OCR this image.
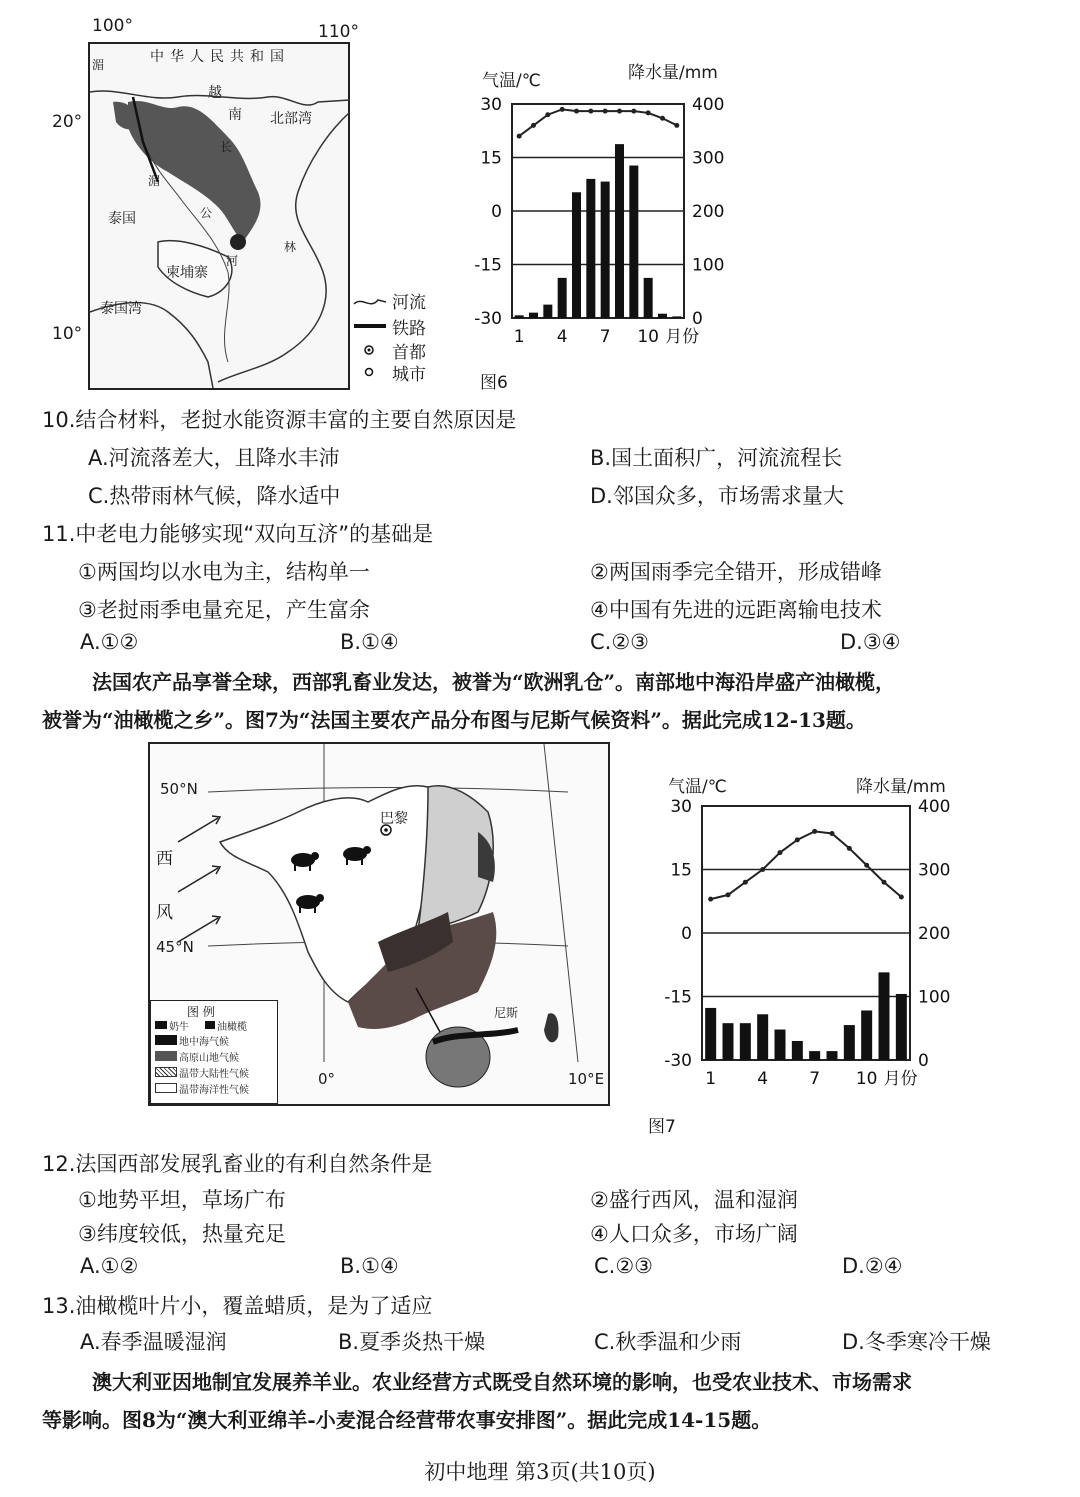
中华人民共和国
湄
越
南 北部湾
泰国
柬埔寨
泰国湾
公
河
湄
长
林
100°	110°
20°
10°
河流
铁路
首都
城市
气温/℃	降水量/mm
30
15
0
-15
-30
400
300
200
100
0
1 4 7 10 月份
图6
10.结合材料，老挝水能资源丰富的主要自然原因是
A.河流落差大，且降水丰沛	B.国土面积广，河流流程长
C.热带雨林气候，降水适中	D.邻国众多，市场需求量大
11.中老电力能够实现“双向互济”的基础是
①两国均以水电为主，结构单一	②两国雨季完全错开，形成错峰
③老挝雨季电量充足，产生富余	④中国有先进的远距离输电技术
A.①②	B.①④	C.②③	D.③④
法国农产品享誉全球，西部乳畜业发达，被誉为“欧洲乳仓”。南部地中海沿岸盛产油橄榄，
被誉为“油橄榄之乡”。图7为“法国主要农产品分布图与尼斯气候资料”。据此完成12-13题。
50°N
45°N
0°	10°E
西
风
巴黎
尼斯
图 例
奶牛	油橄榄
地中海气候
高原山地气候
温带大陆性气候
温带海洋性气候
气温/℃	降水量/mm
30
15
0
-15
-30
400
300
200
100
0
1 4 7 10 月份
图7
12.法国西部发展乳畜业的有利自然条件是
①地势平坦，草场广布	②盛行西风，温和湿润
③纬度较低，热量充足	④人口众多，市场广阔
A.①②	B.①④	C.②③	D.②④
13.油橄榄叶片小，覆盖蜡质，是为了适应
A.春季温暖湿润	B.夏季炎热干燥	C.秋季温和少雨	D.冬季寒冷干燥
澳大利亚因地制宜发展养羊业。农业经营方式既受自然环境的影响，也受农业技术、市场需求
等影响。图8为“澳大利亚绵羊-小麦混合经营带农事安排图”。据此完成14-15题。
初中地理 第3页(共10页)
